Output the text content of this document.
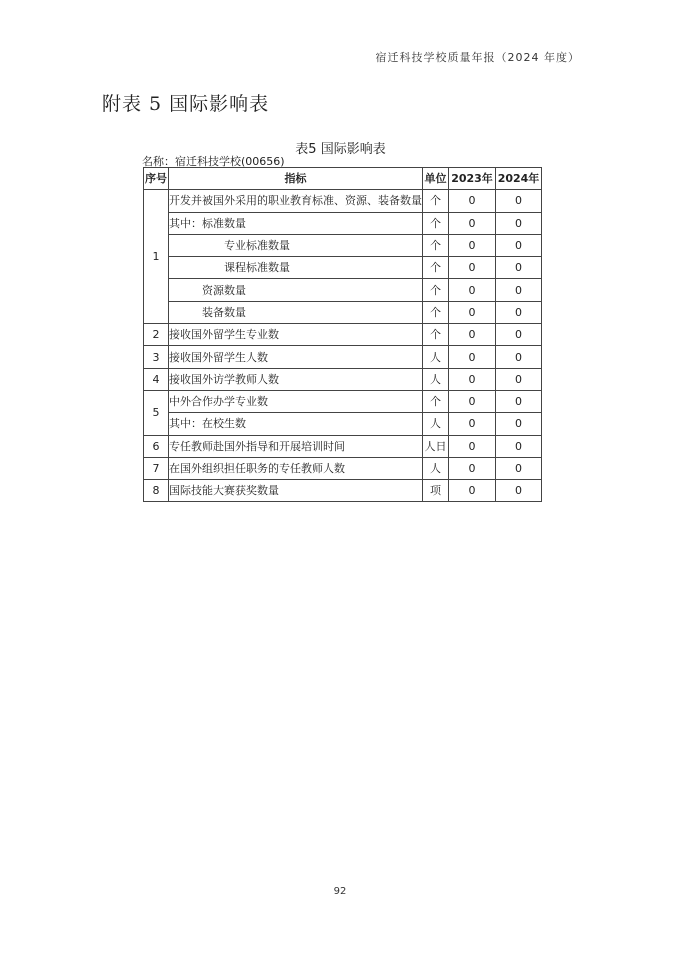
宿迁科技学校质量年报（2024 年度）
附表 5 国际影响表
表5 国际影响表
名称：宿迁科技学校(00656)
序号	指标	单位	2023年	2024年
1	开发并被国外采用的职业教育标准、资源、装备数量	个	0	0
	其中：标准数量	个	0	0
	专业标准数量	个	0	0
	课程标准数量	个	0	0
	资源数量	个	0	0
	装备数量	个	0	0
2	接收国外留学生专业数	个	0	0
3	接收国外留学生人数	人	0	0
4	接收国外访学教师人数	人	0	0
5	中外合作办学专业数	个	0	0
	其中：在校生数	人	0	0
6	专任教师赴国外指导和开展培训时间	人日	0	0
7	在国外组织担任职务的专任教师人数	人	0	0
8	国际技能大赛获奖数量	项	0	0
92
